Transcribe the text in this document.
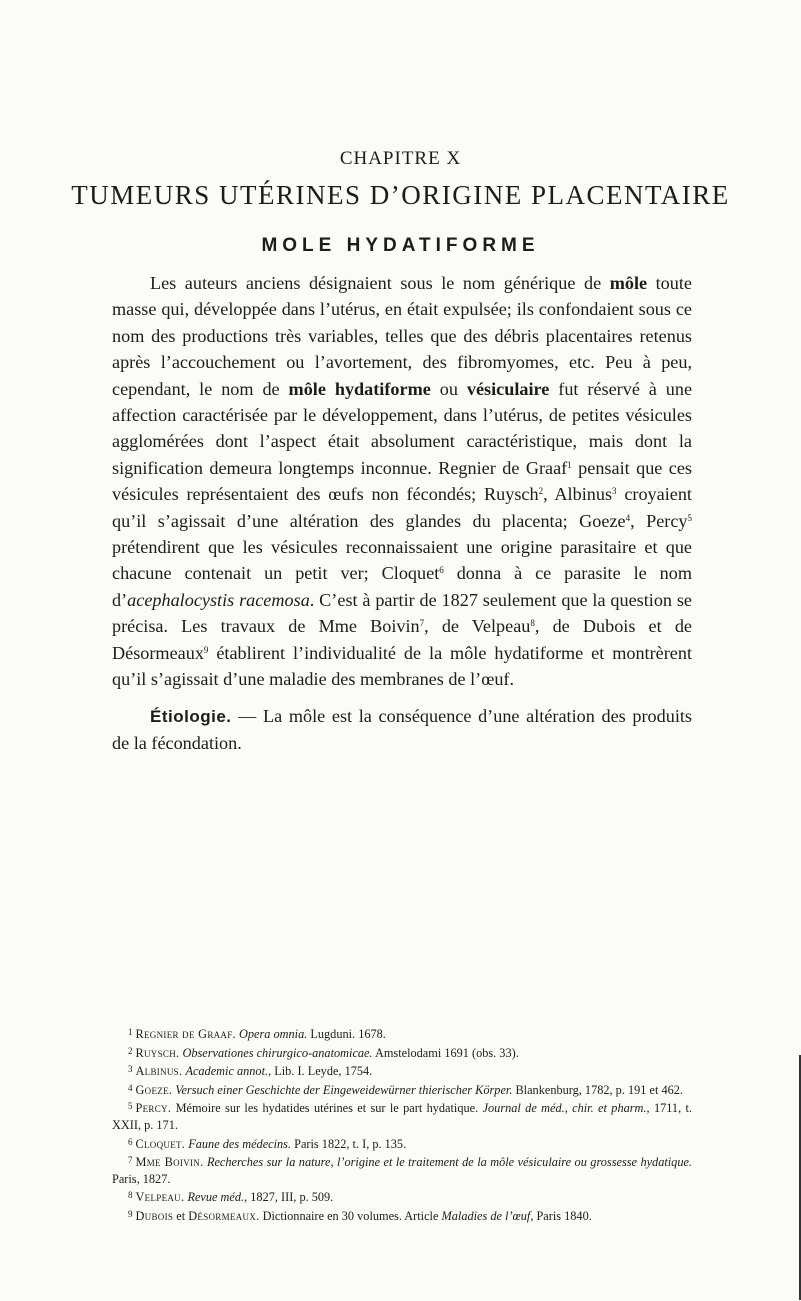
CHAPITRE X
TUMEURS UTÉRINES D’ORIGINE PLACENTAIRE
MOLE HYDATIFORME

Les auteurs anciens désignaient sous le nom générique de môle toute masse qui, développée dans l’utérus, en était expulsée; ils confondaient sous ce nom des productions très variables, telles que des débris placentaires retenus après l’accouchement ou l’avortement, des fibromyomes, etc. Peu à peu, cependant, le nom de môle hydatiforme ou vésiculaire fut réservé à une affection caractérisée par le développement, dans l’utérus, de petites vésicules agglomérées dont l’aspect était absolument caractéristique, mais dont la signification demeura longtemps inconnue. Regnier de Graaf$^1$ pensait que ces vésicules représentaient des œufs non fécondés; Ruysch$^2$, Albinus$^3$ croyaient qu’il s’agissait d’une altération des glandes du placenta; Goeze$^4$, Percy$^5$ prétendirent que les vésicules reconnaissaient une origine parasitaire et que chacune contenait un petit ver; Cloquet$^6$ donna à ce parasite le nom d’acephalocystis racemosa. C’est à partir de 1827 seulement que la question se précisa. Les travaux de Mme Boivin$^7$, de Velpeau$^8$, de Dubois et de Désormeaux$^9$ établirent l’individualité de la môle hydatiforme et montrèrent qu’il s’agissait d’une maladie des membranes de l’œuf.

Étiologie. — La môle est la conséquence d’une altération des produits de la fécondation.

$^1$ Regnier de Graaf. Opera omnia. Lugduni. 1678.

$^2$ Ruysch. Observationes chirurgico-anatomicae. Amstelodami 1691 (obs. 33).

$^3$ Albinus. Academic annot., Lib. I. Leyde, 1754.

$^4$ Goeze. Versuch einer Geschichte der Eingeweidewürner thierischer Körper. Blankenburg, 1782, p. 191 et 462.

$^5$ Percy. Mémoire sur les hydatides utérines et sur le part hydatique. Journal de méd., chir. et pharm., 1711, t. XXII, p. 171.

$^6$ Cloquet. Faune des médecins. Paris 1822, t. I, p. 135.

$^7$ Mme Boivin. Recherches sur la nature, l’origine et le traitement de la môle vésiculaire ou grossesse hydatique. Paris, 1827.

$^8$ Velpeau. Revue méd., 1827, III, p. 509.

$^9$ Dubois et Désormeaux. Dictionnaire en 30 volumes. Article Maladies de l’œuf, Paris 1840.
